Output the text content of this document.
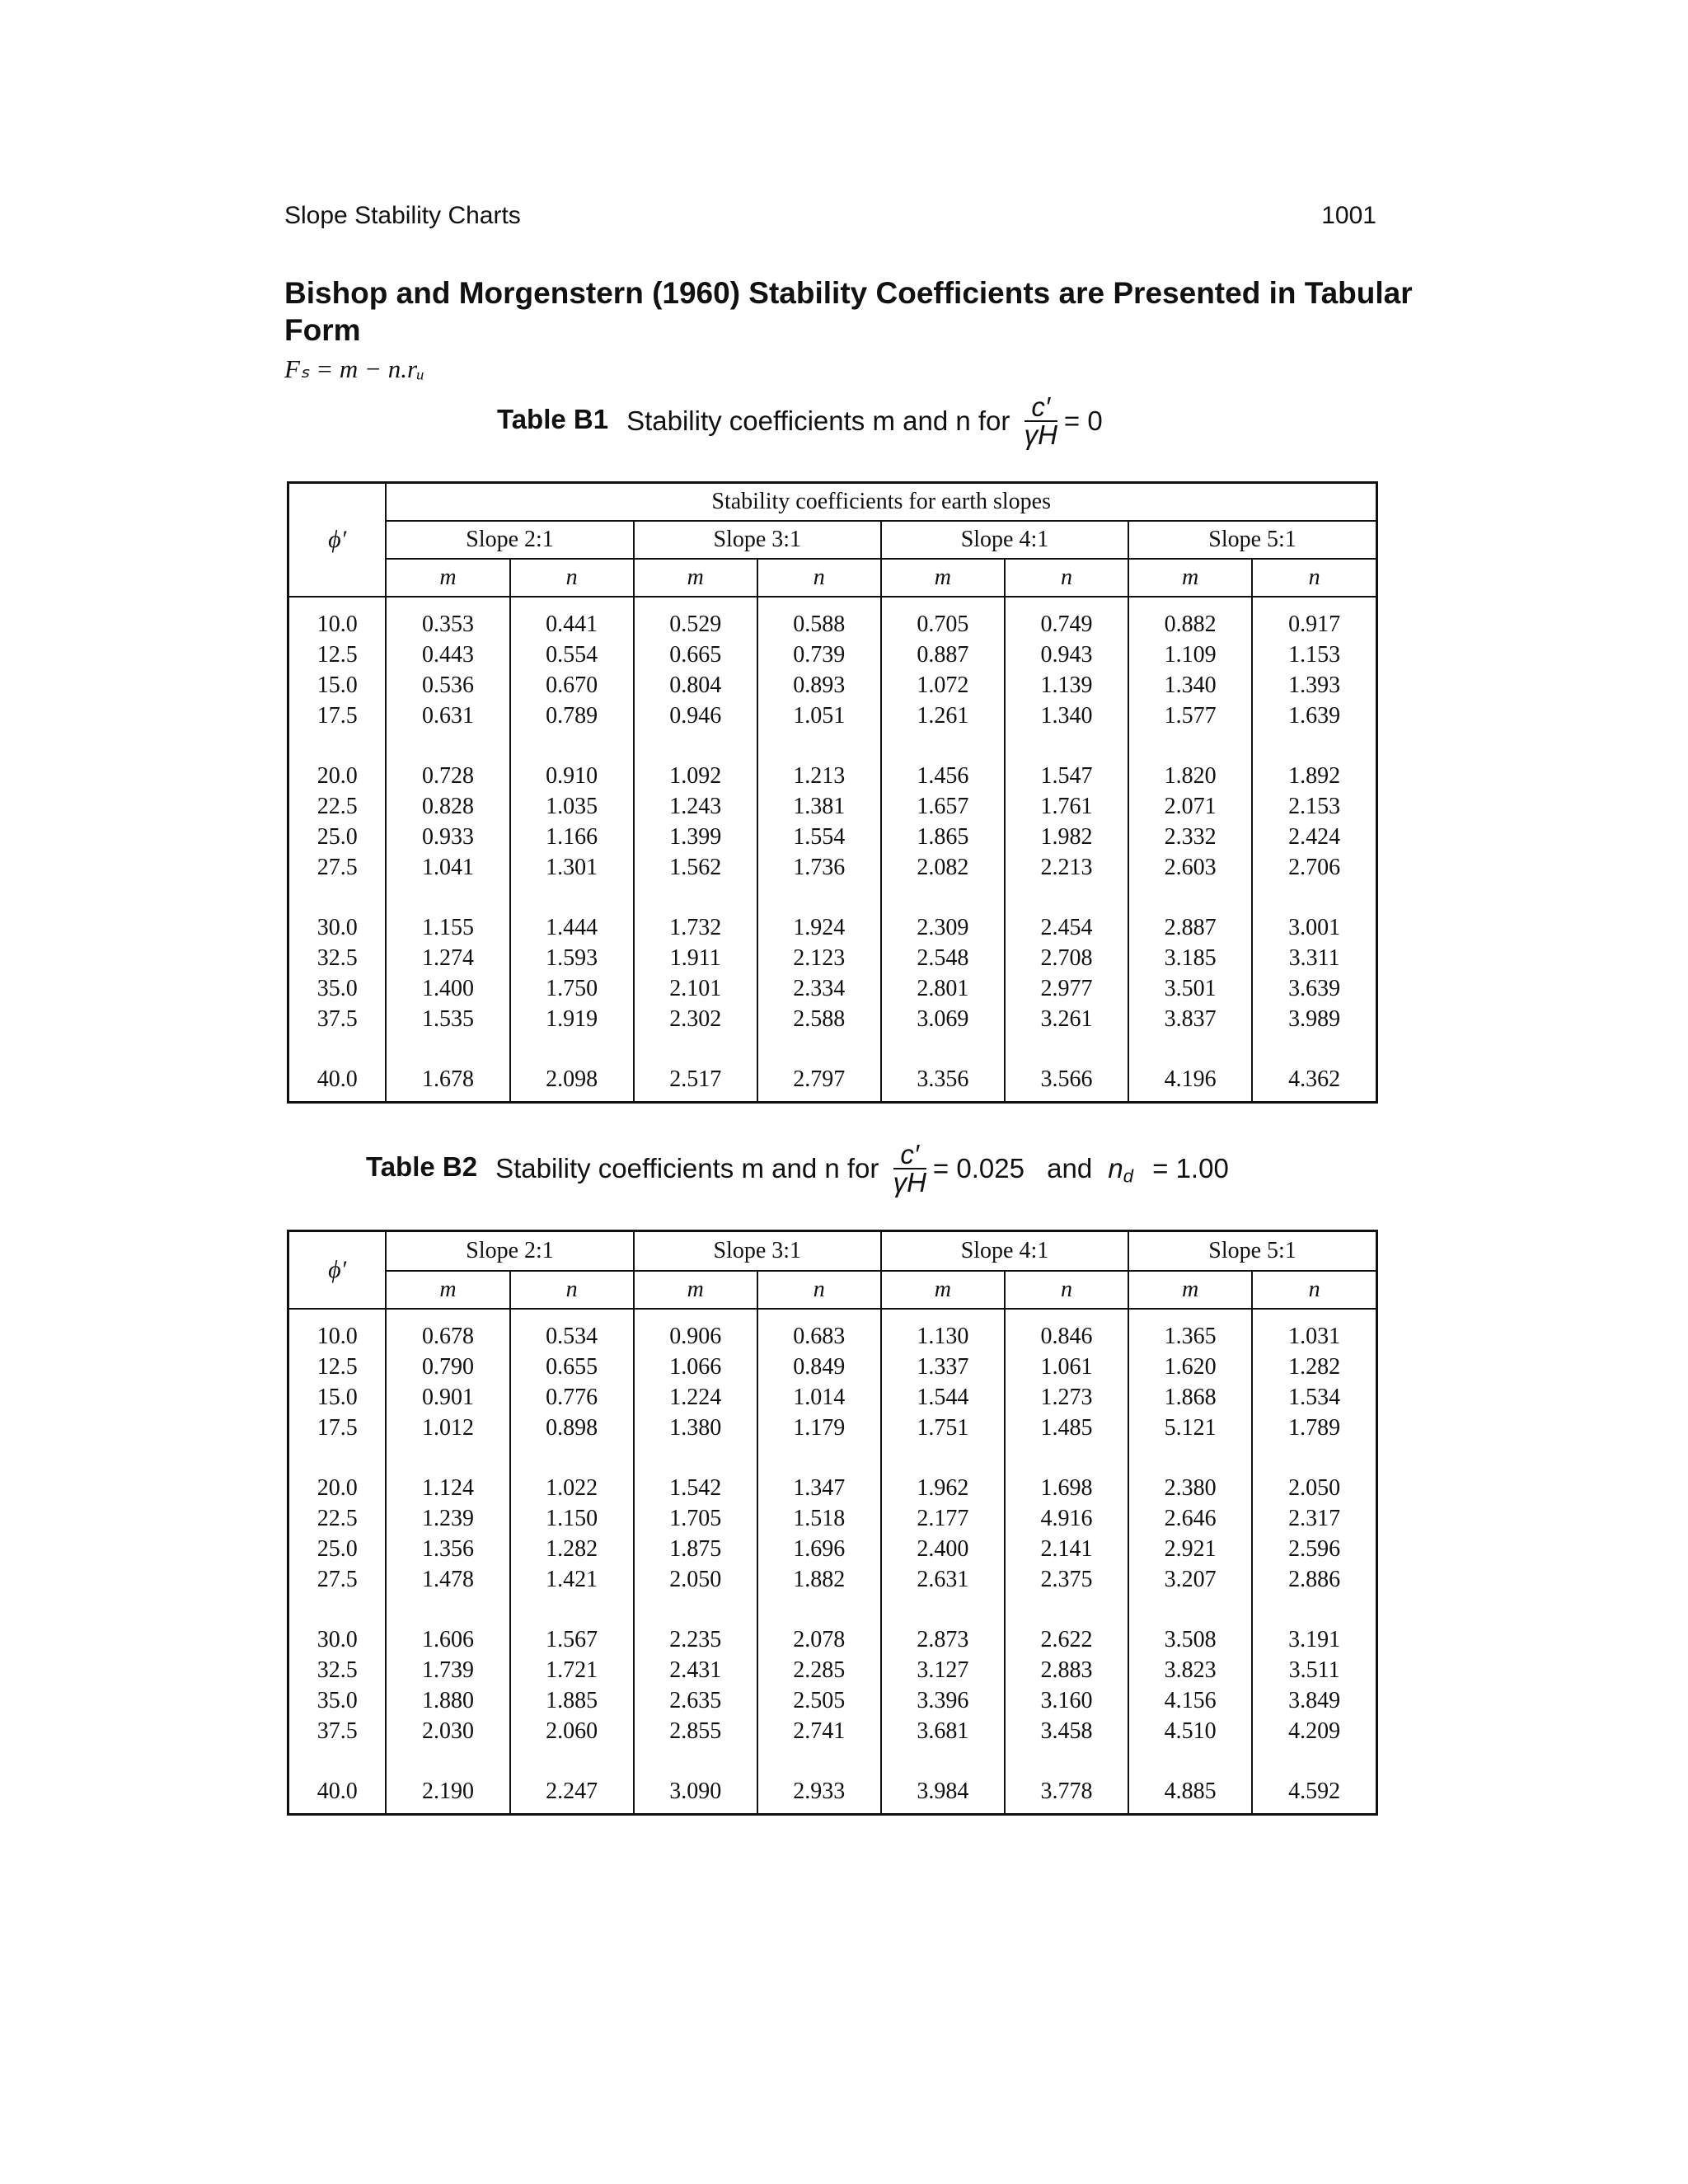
Slope Stability Charts	1001
Bishop and Morgenstern (1960) Stability Coefficients are Presented in Tabular Form
Fₛ = m − n.rᵤ
Table B1 Stability coefficients m and n for $\frac{c'}{\gamma H} = 0$
ϕ′	Stability coefficients for earth slopes							
	Slope 2:1		Slope 3:1		Slope 4:1		Slope 5:1	
	m	n	m	n	m	n	m	n
10.0	0.353	0.441	0.529	0.588	0.705	0.749	0.882	0.917
12.5	0.443	0.554	0.665	0.739	0.887	0.943	1.109	1.153
15.0	0.536	0.670	0.804	0.893	1.072	1.139	1.340	1.393
17.5	0.631	0.789	0.946	1.051	1.261	1.340	1.577	1.639
20.0	0.728	0.910	1.092	1.213	1.456	1.547	1.820	1.892
22.5	0.828	1.035	1.243	1.381	1.657	1.761	2.071	2.153
25.0	0.933	1.166	1.399	1.554	1.865	1.982	2.332	2.424
27.5	1.041	1.301	1.562	1.736	2.082	2.213	2.603	2.706
30.0	1.155	1.444	1.732	1.924	2.309	2.454	2.887	3.001
32.5	1.274	1.593	1.911	2.123	2.548	2.708	3.185	3.311
35.0	1.400	1.750	2.101	2.334	2.801	2.977	3.501	3.639
37.5	1.535	1.919	2.302	2.588	3.069	3.261	3.837	3.989
40.0	1.678	2.098	2.517	2.797	3.356	3.566	4.196	4.362
Table B2 Stability coefficients m and n for $\frac{c'}{\gamma H} = 0.025$ and $n_d = 1.00$
ϕ′	Slope 2:1		Slope 3:1		Slope 4:1		Slope 5:1	
	m	n	m	n	m	n	m	n
10.0	0.678	0.534	0.906	0.683	1.130	0.846	1.365	1.031
12.5	0.790	0.655	1.066	0.849	1.337	1.061	1.620	1.282
15.0	0.901	0.776	1.224	1.014	1.544	1.273	1.868	1.534
17.5	1.012	0.898	1.380	1.179	1.751	1.485	5.121	1.789
20.0	1.124	1.022	1.542	1.347	1.962	1.698	2.380	2.050
22.5	1.239	1.150	1.705	1.518	2.177	4.916	2.646	2.317
25.0	1.356	1.282	1.875	1.696	2.400	2.141	2.921	2.596
27.5	1.478	1.421	2.050	1.882	2.631	2.375	3.207	2.886
30.0	1.606	1.567	2.235	2.078	2.873	2.622	3.508	3.191
32.5	1.739	1.721	2.431	2.285	3.127	2.883	3.823	3.511
35.0	1.880	1.885	2.635	2.505	3.396	3.160	4.156	3.849
37.5	2.030	2.060	2.855	2.741	3.681	3.458	4.510	4.209
40.0	2.190	2.247	3.090	2.933	3.984	3.778	4.885	4.592
